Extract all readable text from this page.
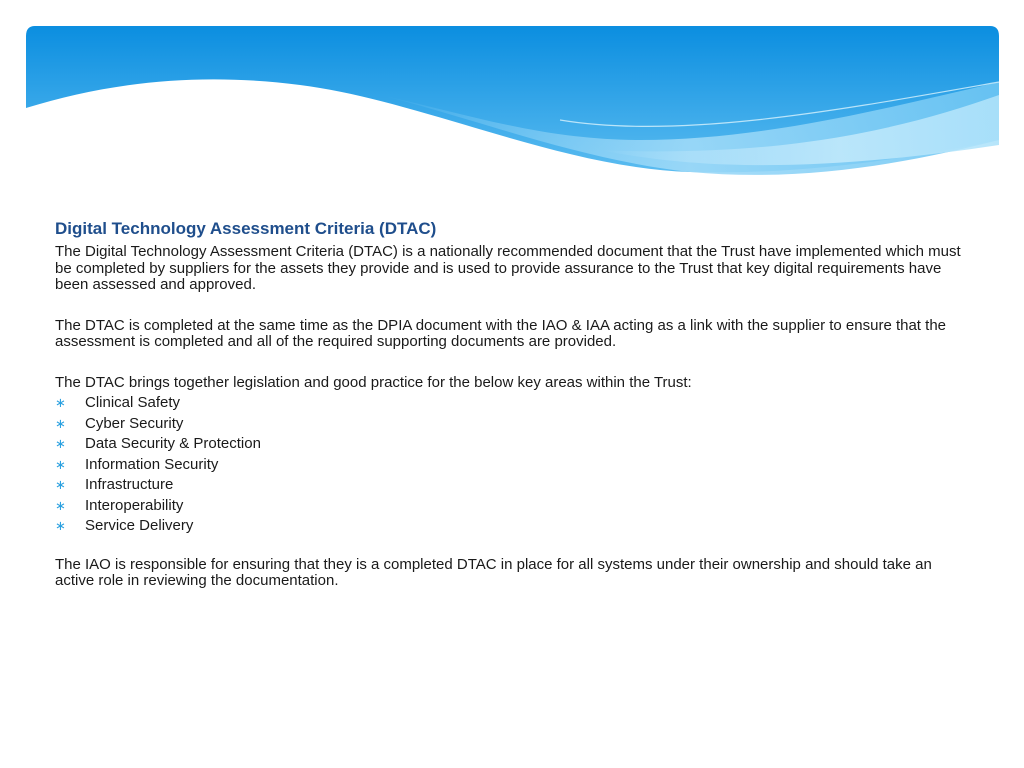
Digital Technology Assessment Criteria (DTAC)

The Digital Technology Assessment Criteria (DTAC) is a nationally recommended document that the Trust have implemented which must be completed by suppliers for the assets they provide and is used to provide assurance to the Trust that key digital requirements have been assessed and approved.

The DTAC is completed at the same time as the DPIA document with the IAO & IAA acting as a link with the supplier to ensure that the assessment is completed and all of the required supporting documents are provided.

The DTAC brings together legislation and good practice for the below key areas within the Trust:

∗ Clinical Safety
∗ Cyber Security
∗ Data Security & Protection
∗ Information Security
∗ Infrastructure
∗ Interoperability
∗ Service Delivery

The IAO is responsible for ensuring that they is a completed DTAC in place for all systems under their ownership and should take an active role in reviewing the documentation.
